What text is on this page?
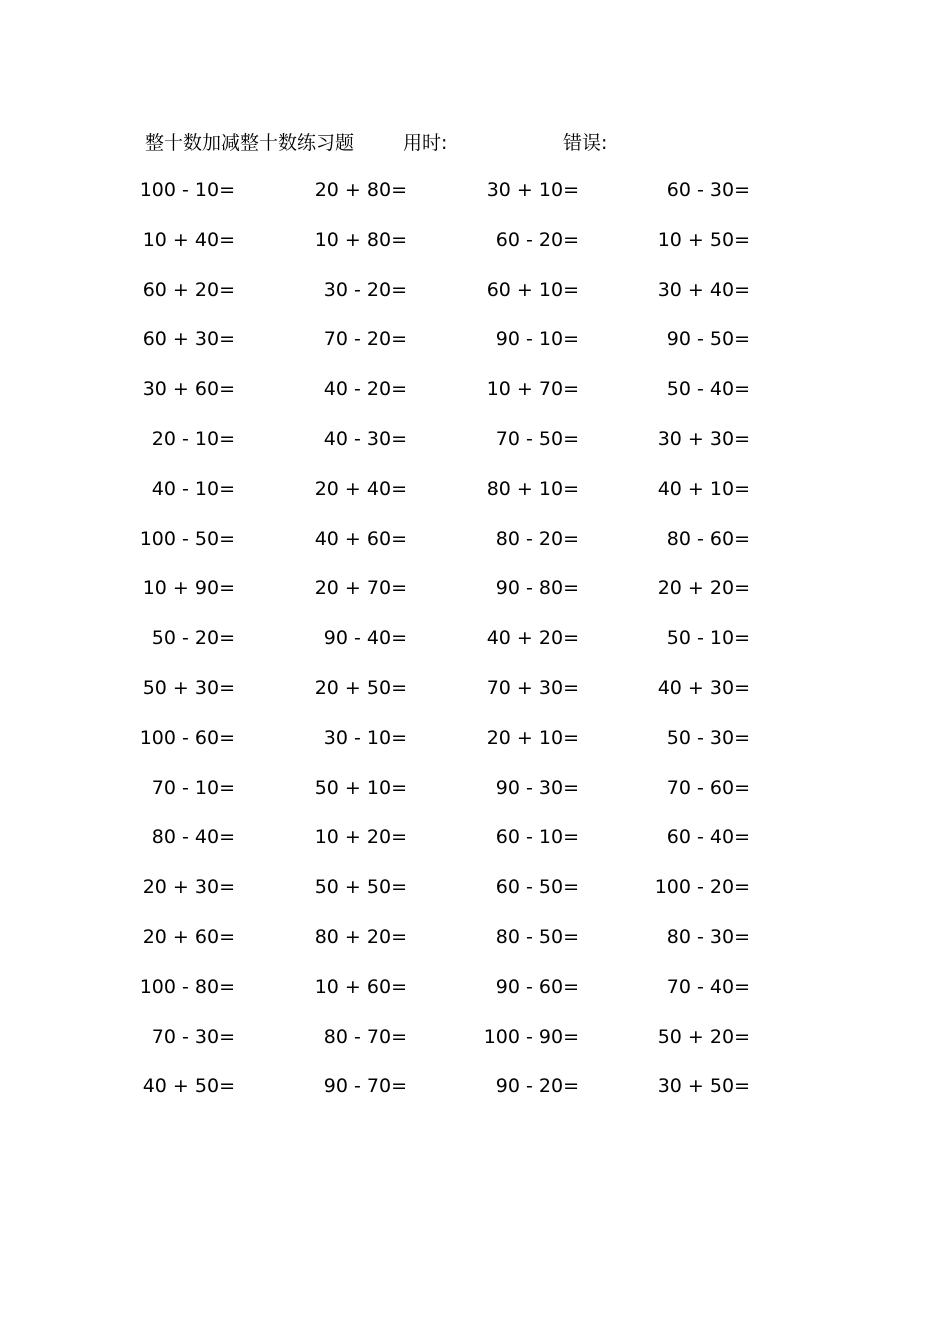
整十数加减整十数练习题	用时:	错误:
100 - 10=	20 + 80=	30 + 10=	60 - 30=
10 + 40=	10 + 80=	60 - 20=	10 + 50=
60 + 20=	30 - 20=	60 + 10=	30 + 40=
60 + 30=	70 - 20=	90 - 10=	90 - 50=
30 + 60=	40 - 20=	10 + 70=	50 - 40=
20 - 10=	40 - 30=	70 - 50=	30 + 30=
40 - 10=	20 + 40=	80 + 10=	40 + 10=
100 - 50=	40 + 60=	80 - 20=	80 - 60=
10 + 90=	20 + 70=	90 - 80=	20 + 20=
50 - 20=	90 - 40=	40 + 20=	50 - 10=
50 + 30=	20 + 50=	70 + 30=	40 + 30=
100 - 60=	30 - 10=	20 + 10=	50 - 30=
70 - 10=	50 + 10=	90 - 30=	70 - 60=
80 - 40=	10 + 20=	60 - 10=	60 - 40=
20 + 30=	50 + 50=	60 - 50=	100 - 20=
20 + 60=	80 + 20=	80 - 50=	80 - 30=
100 - 80=	10 + 60=	90 - 60=	70 - 40=
70 - 30=	80 - 70=	100 - 90=	50 + 20=
40 + 50=	90 - 70=	90 - 20=	30 + 50=
